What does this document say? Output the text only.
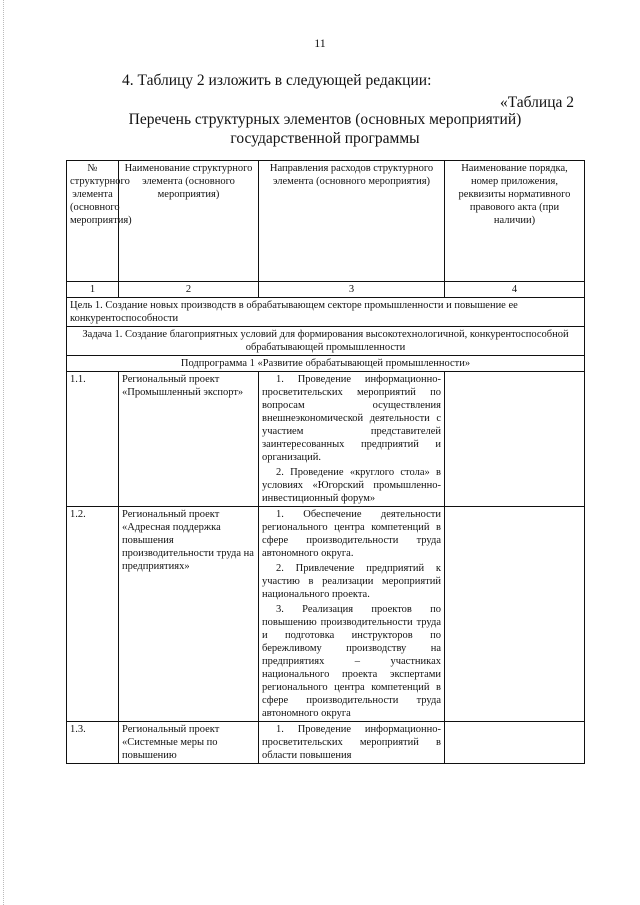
11
4. Таблицу 2 изложить в следующей редакции:
«Таблица 2
Перечень структурных элементов (основных мероприятий)
государственной программы
№ структурного элемента (основного мероприятия)	Наименование структурного элемента (основного мероприятия)	Направления расходов структурного элемента (основного мероприятия)	Наименование порядка, номер приложения, реквизиты нормативного правового акта (при наличии)
1	2	3	4
Цель 1. Создание новых производств в обрабатывающем секторе промышленности и повышение ее конкурентоспособности			
Задача 1. Создание благоприятных условий для формирования высокотехнологичной, конкурентоспособной обрабатывающей промышленности			
Подпрограмма 1 «Развитие обрабатывающей промышленности»			
1.1.	Региональный проект «Промышленный экспорт»	1. Проведение информационно-просветительских мероприятий по вопросам осуществления внешнеэкономической деятельности с участием представителей заинтересованных предприятий и организаций.

2. Проведение «круглого стола» в условиях «Югорский промышленно-инвестиционный форум»	

1.2.	Региональный проект «Адресная поддержка повышения производительности труда на предприятиях»	1. Обеспечение деятельности регионального центра компетенций в сфере производительности труда автономного округа.

2. Привлечение предприятий к участию в реализации мероприятий национального проекта.

3. Реализация проектов по повышению производительности труда и подготовка инструкторов по бережливому производству на предприятиях – участниках национального проекта экспертами регионального центра компетенций в сфере производительности труда автономного округа	

1.3.	Региональный проект «Системные меры по повышению	1. Проведение информационно-просветительских мероприятий в области повышения	
